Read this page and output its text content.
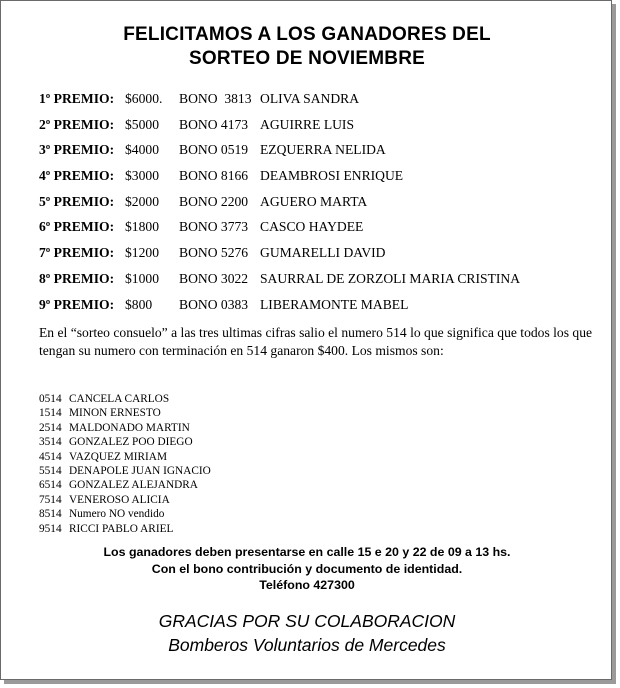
FELICITAMOS A LOS GANADORES DEL
SORTEO DE NOVIEMBRE
1º PREMIO: $6000. BONO  3813 OLIVA SANDRA
2º PREMIO: $5000 BONO 4173 AGUIRRE LUIS
3º PREMIO: $4000 BONO 0519 EZQUERRA NELIDA
4º PREMIO: $3000 BONO 8166 DEAMBROSI ENRIQUE
5º PREMIO: $2000 BONO 2200 AGUERO MARTA
6º PREMIO: $1800 BONO 3773 CASCO HAYDEE
7º PREMIO: $1200 BONO 5276 GUMARELLI DAVID
8º PREMIO: $1000 BONO 3022 SAURRAL DE ZORZOLI MARIA CRISTINA
9º PREMIO: $800 BONO 0383 LIBERAMONTE MABEL
En el “sorteo consuelo” a las tres ultimas cifras salio el numero 514 lo que significa que todos los que tengan su numero con terminación en 514 ganaron $400. Los mismos son:
0514 CANCELA CARLOS
1514 MINON ERNESTO
2514 MALDONADO MARTIN
3514 GONZALEZ POO DIEGO
4514 VAZQUEZ MIRIAM
5514 DENAPOLE JUAN IGNACIO
6514 GONZALEZ ALEJANDRA
7514 VENEROSO ALICIA
8514 Numero NO vendido
9514 RICCI PABLO ARIEL
Los ganadores deben presentarse en calle 15 e 20 y 22 de 09 a 13 hs.
Con el bono contribución y documento de identidad.
Teléfono 427300
GRACIAS POR SU COLABORACION
Bomberos Voluntarios de Mercedes
